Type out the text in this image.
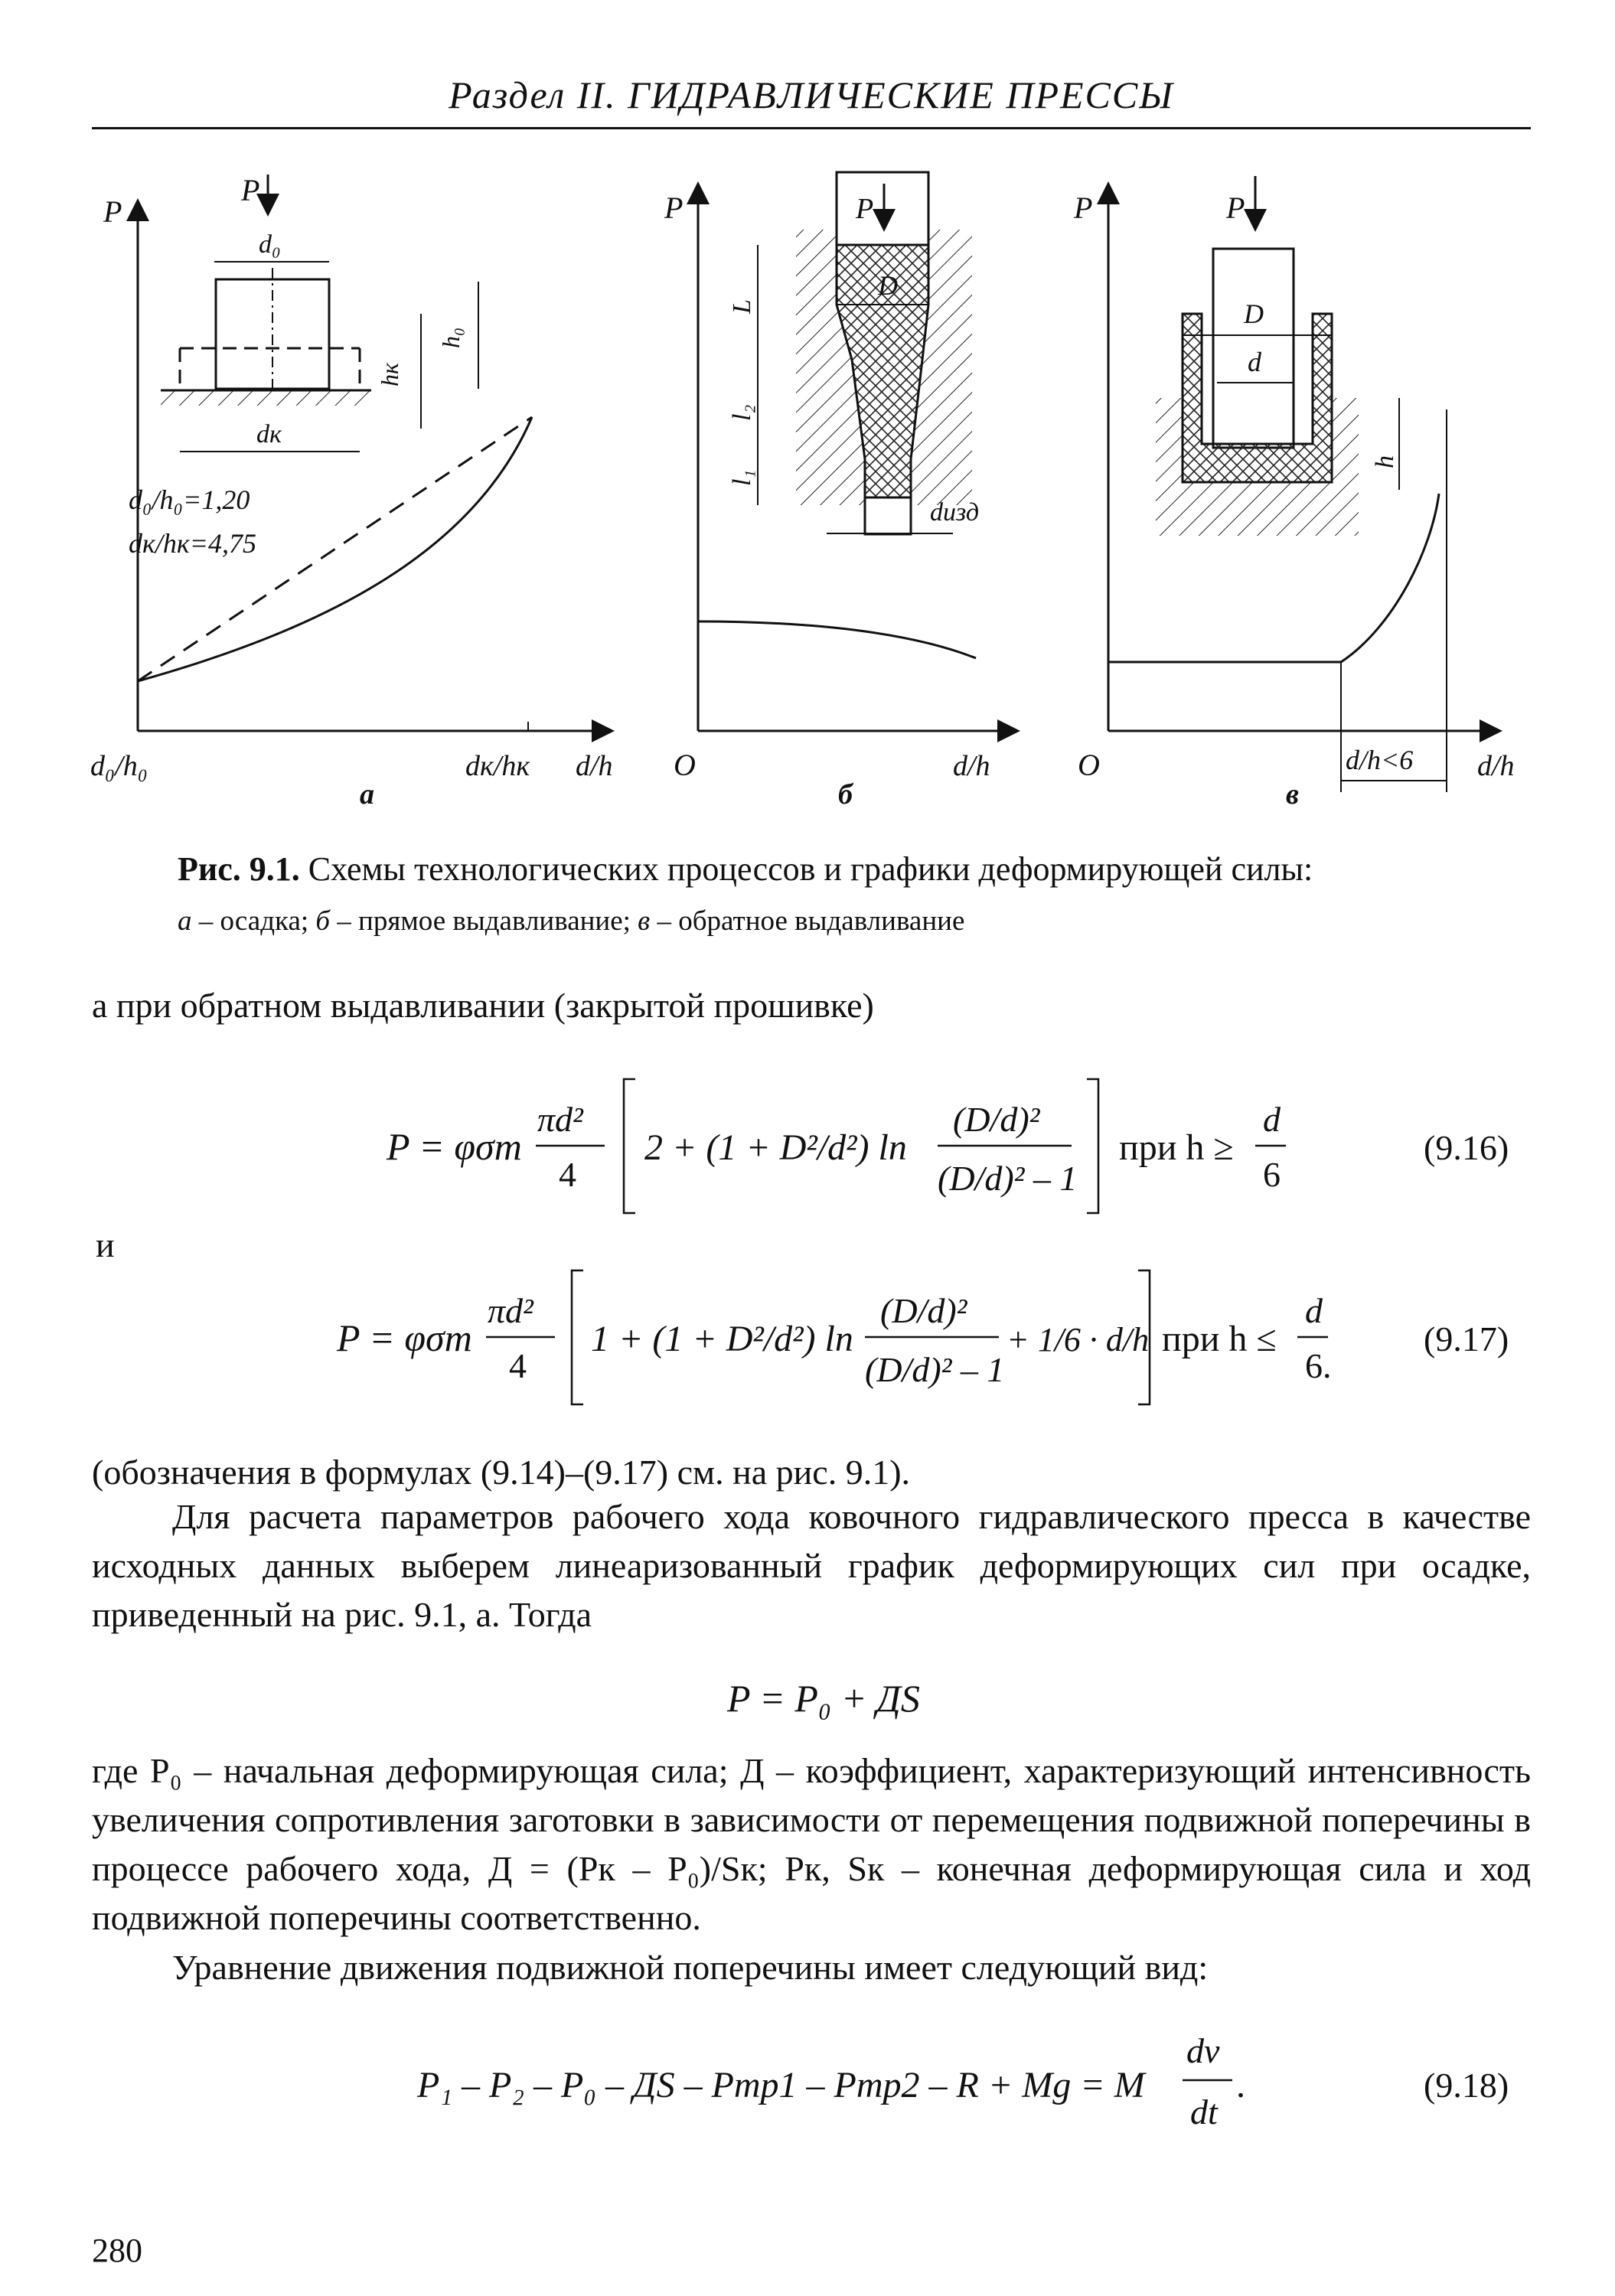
Раздел II. ГИДРАВЛИЧЕСКИЕ ПРЕССЫ
P
P
d₀
dк
h₀
hк
d₀/h₀=1,20
dк/hк=4,75
d₀/h₀	dк/hк d/h
а
P
O	d/h
б
P
D
L
l₂
l₁
dизд
P
O	d/h
в
P
D
d
h
d/h<6
Рис. 9.1. Схемы технологических процессов и графики деформирующей силы:
а – осадка; б – прямое выдавливание; в – обратное выдавливание
а при обратном выдавливании (закрытой прошивке)
P = φσт
πd²
4
2 + (1 + D²/d²) ln
(D/d)²
(D/d)² – 1
при h ≥
d
6
(9.16)
и
P = φσт
πd²
4
1 + (1 + D²/d²) ln
(D/d)²
(D/d)² – 1
+ 1/6 · d/h при h ≤
d
6.
(9.17)
(обозначения в формулах (9.14)–(9.17) см. на рис. 9.1).
Для расчета параметров рабочего хода ковочного гидравлического пресса в качестве исходных данных выберем линеаризованный график деформирующих сил при осадке, приведенный на рис. 9.1, а. Тогда
P = P₀ + ДS
где P₀ – начальная деформирующая сила; Д – коэффициент, характеризующий интенсивность увеличения сопротивления заготовки в зависимости от перемещения подвижной поперечины в процессе рабочего хода, Д = (Pк – P₀)/Sк; Pк, Sк – конечная деформирующая сила и ход подвижной поперечины соответственно.
Уравнение движения подвижной поперечины имеет следующий вид:
P₁ – P₂ – P₀ – ДS – Pтр1 – Pтр2 – R + Mg = M
dv
dt
.	(9.18)
280
